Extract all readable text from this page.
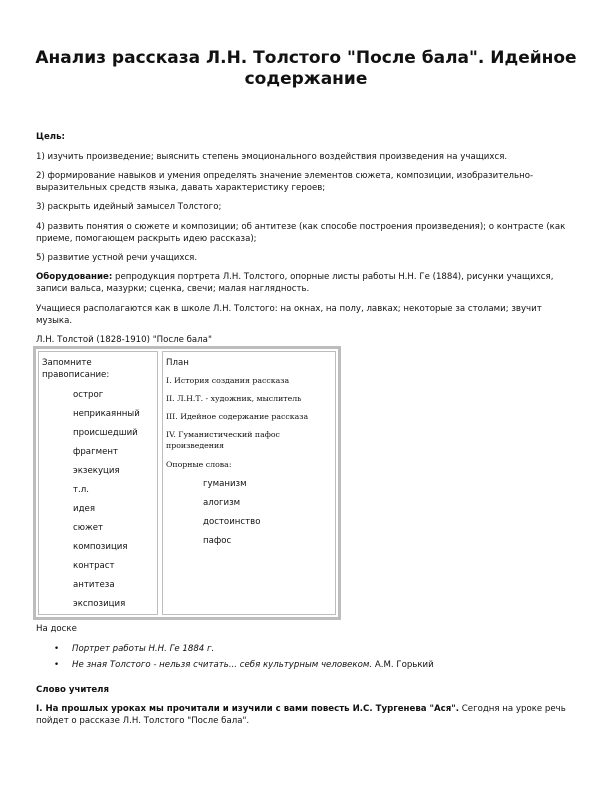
Анализ рассказа Л.Н. Толстого "После бала". Идейное содержание

Цель:

1) изучить произведение; выяснить степень эмоционального воздействия произведения на учащихся.

2) формирование навыков и умения определять значение элементов сюжета, композиции, изобразительно-выразительных средств языка, давать характеристику героев;

3) раскрыть идейный замысел Толстого;

4) развить понятия о сюжете и композиции; об антитезе (как способе построения произведения); о контрасте (как приеме, помогающем раскрыть идею рассказа);

5) развитие устной речи учащихся.

Оборудование: репродукция портрета Л.Н. Толстого, опорные листы работы Н.Н. Ге (1884), рисунки учащихся, записи вальса, мазурки; сценка, свечи; малая наглядность.

Учащиеся располагаются как в школе Л.Н. Толстого: на окнах, на полу, лавках; некоторые за столами; звучит музыка.

Л.Н. Толстой (1828-1910) "После бала"

Запомните правописание:
острог
неприкаянный
происшедший
фрагмент
экзекуция
т.л.
идея
сюжет
композиция
контраст
антитеза
экспозиция
План
I. История создания рассказа
II. Л.Н.Т. - художник, мыслитель
III. Идейное содержание рассказа
IV. Гуманистический пафос произведения
Опорные слова:
гуманизм
алогизм
достоинство
пафос

На доске

• Портрет работы Н.Н. Ге 1884 г.
• Не зная Толстого - нельзя считать... себя культурным человеком. А.М. Горький

Слово учителя

I. На прошлых уроках мы прочитали и изучили с вами повесть И.С. Тургенева "Ася". Сегодня на уроке речь пойдет о рассказе Л.Н. Толстого "После бала".
